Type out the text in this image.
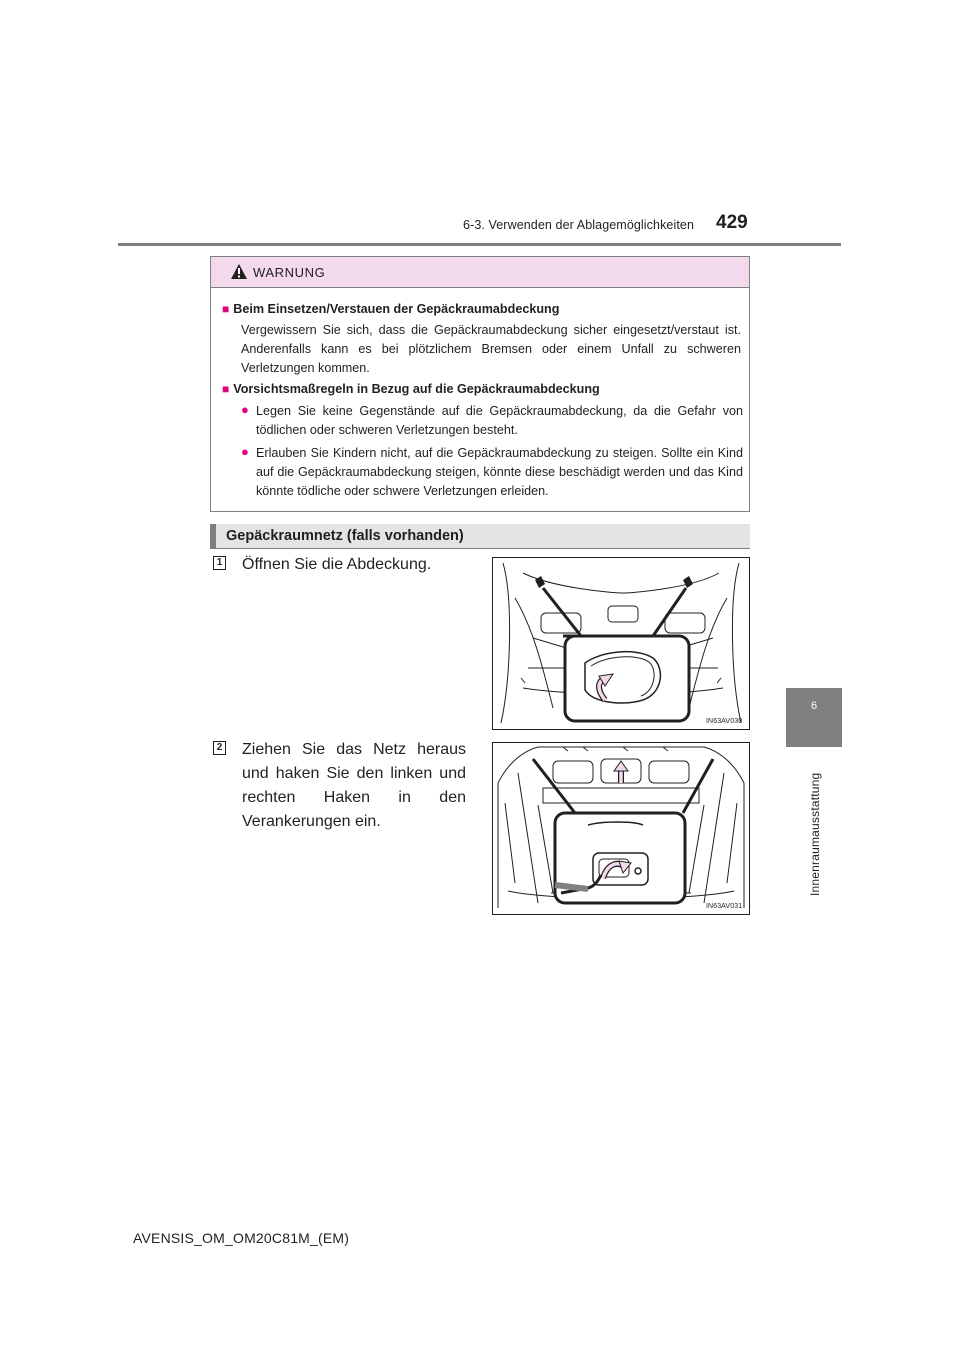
6-3. Verwenden der Ablagemöglichkeiten 429
6
Innenraumausstattung
WARNUNG
■ Beim Einsetzen/Verstauen der Gepäckraumabdeckung
Vergewissern Sie sich, dass die Gepäckraumabdeckung sicher eingesetzt/verstaut ist. Anderenfalls kann es bei plötzlichem Bremsen oder einem Unfall zu schweren Verletzungen kommen.
■ Vorsichtsmaßregeln in Bezug auf die Gepäckraumabdeckung
● Legen Sie keine Gegenstände auf die Gepäckraumabdeckung, da die Gefahr von tödlichen oder schweren Verletzungen besteht.
● Erlauben Sie Kindern nicht, auf die Gepäckraumabdeckung zu steigen. Sollte ein Kind auf die Gepäckraumabdeckung steigen, könnte diese beschädigt werden und das Kind könnte tödliche oder schwere Verletzungen erleiden.
Gepäckraumnetz (falls vorhanden)
1 Öffnen Sie die Abdeckung.
IN63AV030
2 Ziehen Sie das Netz heraus und haken Sie den linken und rechten Haken in den Verankerungen ein.
IN63AV031
AVENSIS_OM_OM20C81M_(EM)
